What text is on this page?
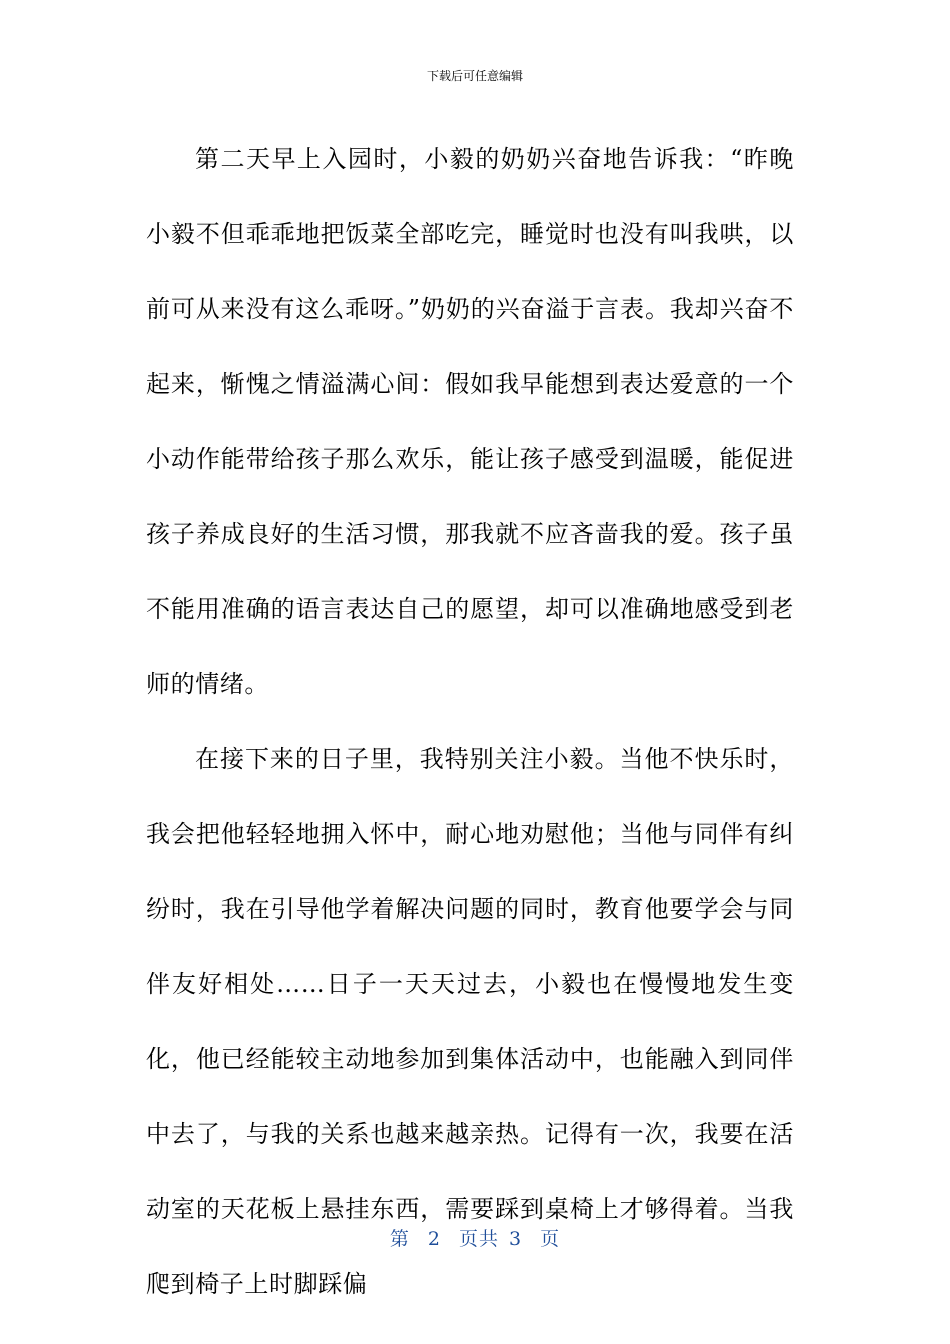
下载后可任意编辑

第二天早上入园时，小毅的奶奶兴奋地告诉我：“昨晚小毅不但乖乖地把饭菜全部吃完，睡觉时也没有叫我哄，以前可从来没有这么乖呀。”奶奶的兴奋溢于言表。我却兴奋不起来，惭愧之情溢满心间：假如我早能想到表达爱意的一个小动作能带给孩子那么欢乐，能让孩子感受到温暖，能促进孩子养成良好的生活习惯，那我就不应吝啬我的爱。孩子虽不能用准确的语言表达自己的愿望，却可以准确地感受到老师的情绪。

在接下来的日子里，我特别关注小毅。当他不快乐时，我会把他轻轻地拥入怀中，耐心地劝慰他；当他与同伴有纠纷时，我在引导他学着解决问题的同时，教育他要学会与同伴友好相处……日子一天天过去，小毅也在慢慢地发生变化，他已经能较主动地参加到集体活动中，也能融入到同伴中去了，与我的关系也越来越亲热。记得有一次，我要在活动室的天花板上悬挂东西，需要踩到桌椅上才够得着。当我爬到椅子上时脚踩偏

第 2 页共 3 页
